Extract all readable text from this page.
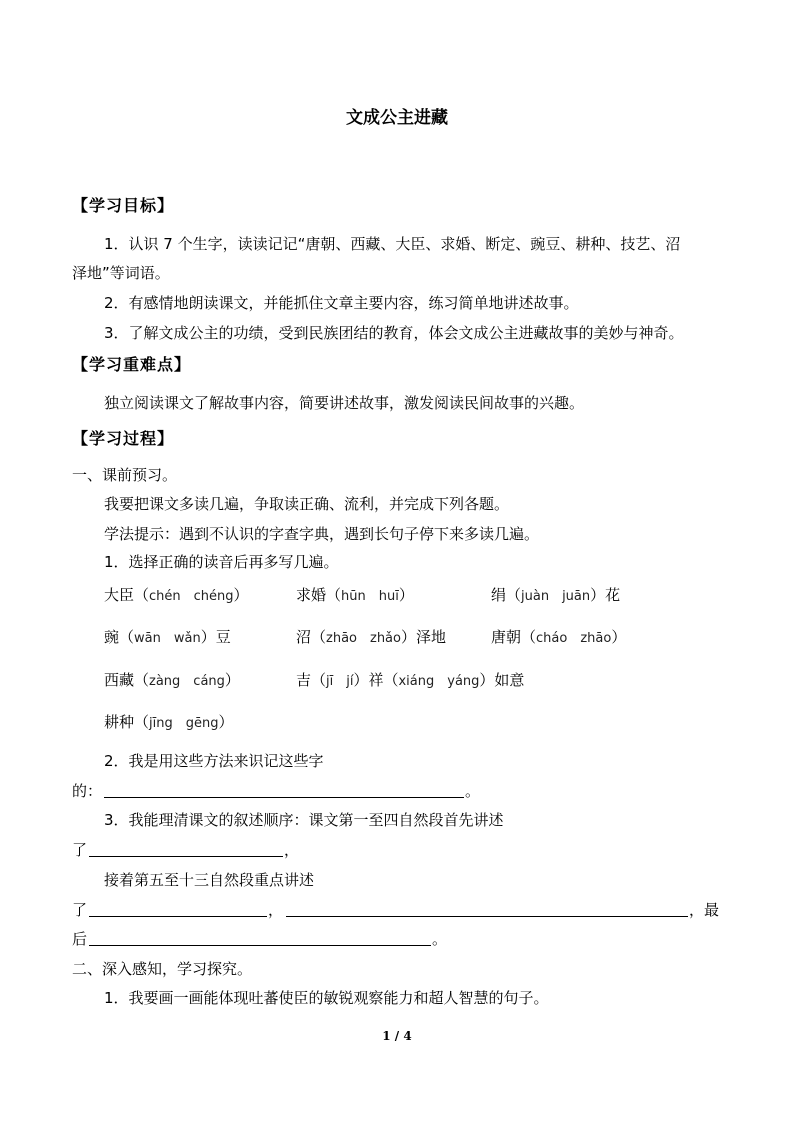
文成公主进藏
【学习目标】
1．认识 7 个生字，读读记记“唐朝、西藏、大臣、求婚、断定、豌豆、耕种、技艺、沼
泽地”等词语。
2．有感情地朗读课文，并能抓住文章主要内容，练习简单地讲述故事。
3．了解文成公主的功绩，受到民族团结的教育，体会文成公主进藏故事的美妙与神奇。
【学习重难点】
独立阅读课文了解故事内容，简要讲述故事，激发阅读民间故事的兴趣。
【学习过程】
一、课前预习。
我要把课文多读几遍，争取读正确、流利，并完成下列各题。
学法提示：遇到不认识的字查字典，遇到长句子停下来多读几遍。
1．选择正确的读音后再多写几遍。
大臣（chén　chéng）	求婚（hūn　huī）	绢（juàn　juān）花
豌（wān　wǎn）豆	沼（zhāo　zhǎo）泽地	唐朝（cháo　zhāo）
西藏（zàng　cáng）	吉（jī　jí）祥（xiáng　yáng）如意
耕种（jīng　gēng）
2．我是用这些方法来识记这些字
的：	。
3．我能理清课文的叙述顺序：课文第一至四自然段首先讲述
了	，
接着第五至十三自然段重点讲述
了	，	，最
后	。
二、深入感知，学习探究。
1．我要画一画能体现吐蕃使臣的敏锐观察能力和超人智慧的句子。
1 / 4
